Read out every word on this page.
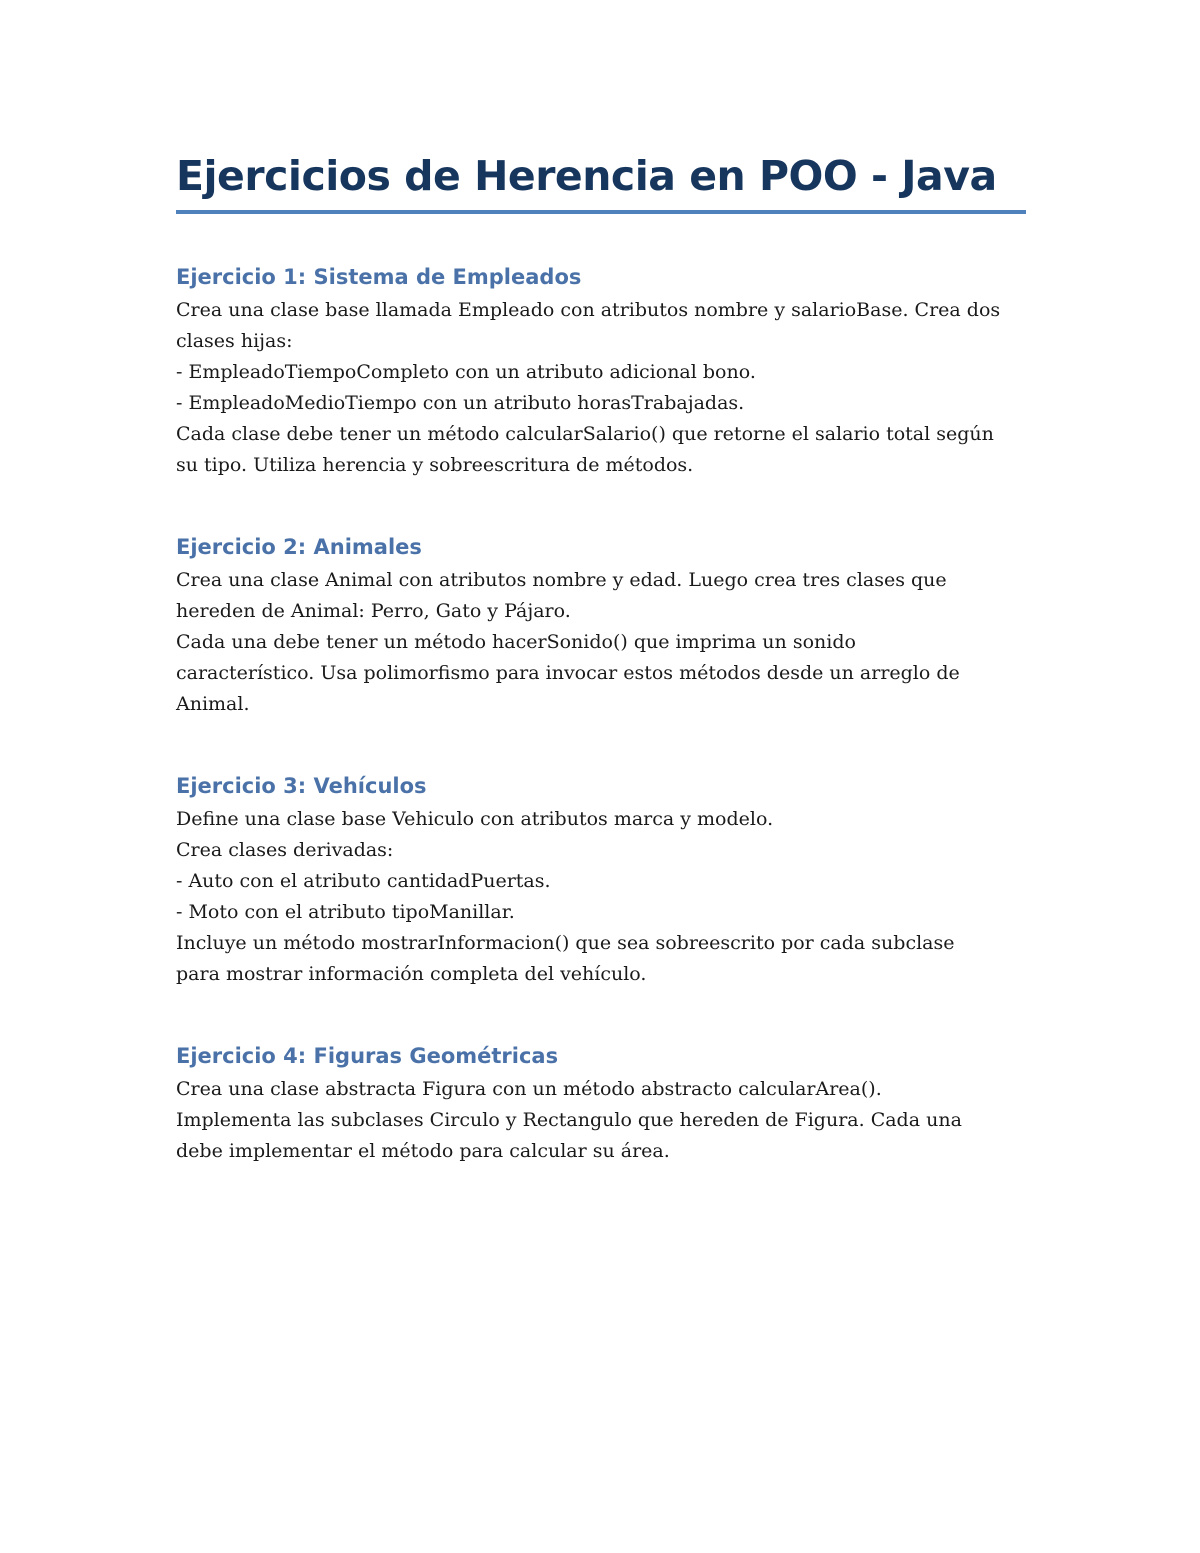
Ejercicios de Herencia en POO - Java
Ejercicio 1: Sistema de Empleados

Crea una clase base llamada Empleado con atributos nombre y salarioBase. Crea dos
clases hijas:
- EmpleadoTiempoCompleto con un atributo adicional bono.
- EmpleadoMedioTiempo con un atributo horasTrabajadas.
Cada clase debe tener un método calcularSalario() que retorne el salario total según
su tipo. Utiliza herencia y sobreescritura de métodos.

Ejercicio 2: Animales

Crea una clase Animal con atributos nombre y edad. Luego crea tres clases que
hereden de Animal: Perro, Gato y Pájaro.
Cada una debe tener un método hacerSonido() que imprima un sonido
característico. Usa polimorfismo para invocar estos métodos desde un arreglo de
Animal.

Ejercicio 3: Vehículos

Define una clase base Vehiculo con atributos marca y modelo.
Crea clases derivadas:
- Auto con el atributo cantidadPuertas.
- Moto con el atributo tipoManillar.
Incluye un método mostrarInformacion() que sea sobreescrito por cada subclase
para mostrar información completa del vehículo.

Ejercicio 4: Figuras Geométricas

Crea una clase abstracta Figura con un método abstracto calcularArea().
Implementa las subclases Circulo y Rectangulo que hereden de Figura. Cada una
debe implementar el método para calcular su área.
